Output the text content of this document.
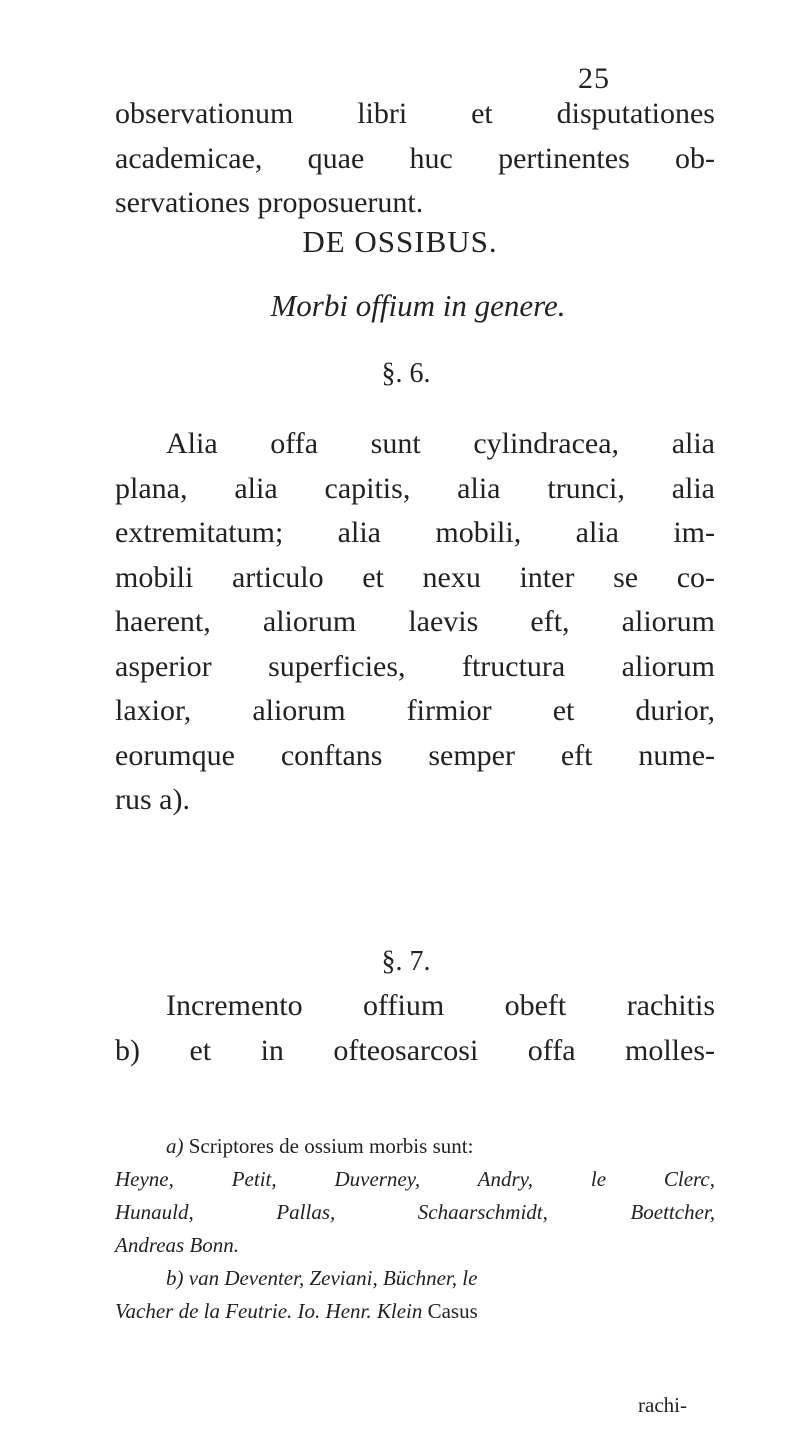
25
observationum libri et disputationes
academicae, quae huc pertinentes ob-
servationes proposuerunt.
DE OSSIBUS.
Morbi offium in genere.
§. 6.
Alia offa sunt cylindracea, alia
plana, alia capitis, alia trunci, alia
extremitatum; alia mobili, alia im-
mobili articulo et nexu inter se co-
haerent, aliorum laevis eft, aliorum
asperior superficies, ftructura aliorum
laxior, aliorum firmior et durior,
eorumque conftans semper eft nume-
rus a).
§. 7.
Incremento offium obeft rachitis
b) et in ofteosarcosi offa molles-
a) Scriptores de ossium morbis sunt:
Heyne, Petit, Duverney, Andry, le Clerc,
Hunauld, Pallas, Schaarschmidt, Boettcher,
Andreas Bonn.
b) van Deventer, Zeviani, Büchner, le
Vacher de la Feutrie. Io. Henr. Klein Casus
rachi-
